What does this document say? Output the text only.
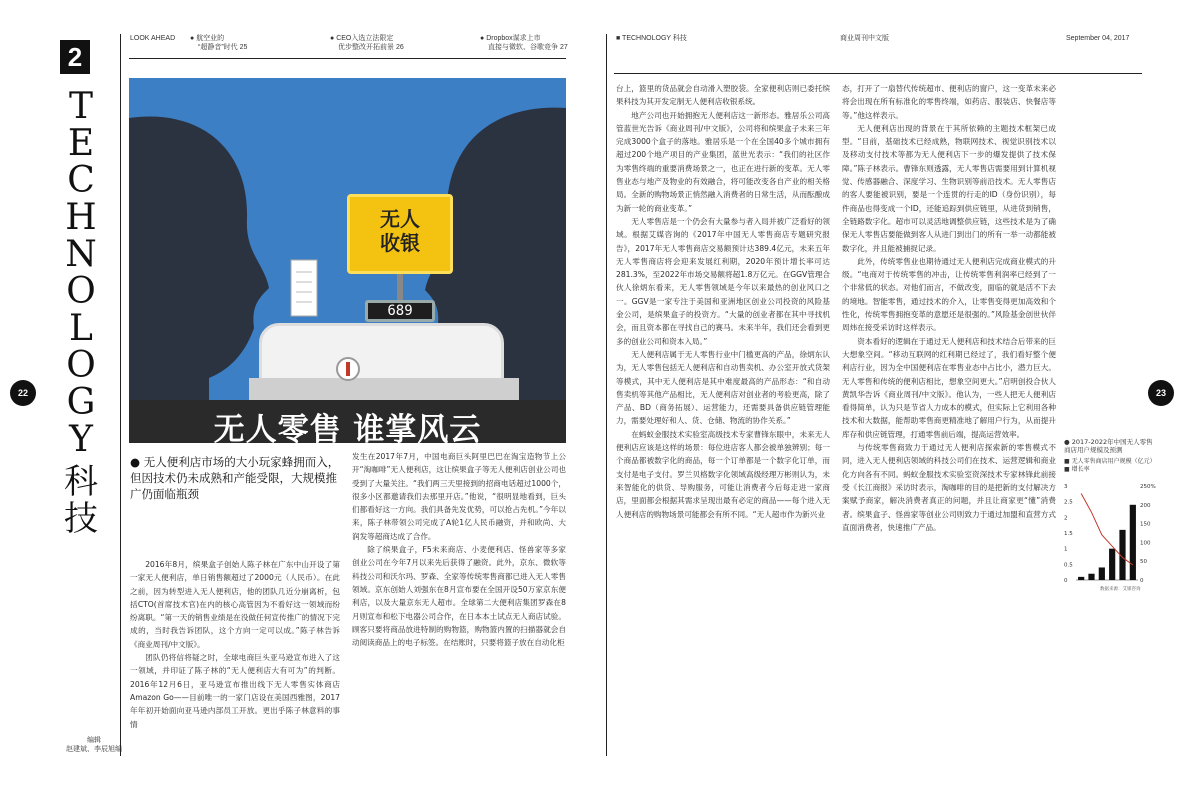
2
T
E
C
H
N
O
L
O
G
Y
科
技
22
LOOK AHEAD ● 航空业的
“超静音”时代 25
● CEO入选立法限定
优步整改开拓前景 26
● Dropbox谋求上市
直接与微软、谷歌竞争 27
无人
收银
689
无人零售 谁掌风云
● 无人便利店市场的大小玩家蜂拥而入，但因技术仍未成熟和产能受限，大规模推广仍面临瓶颈

2016年8月，缤果盒子创始人陈子林在广东中山开设了第一家无人便利店，单日销售额超过了2000元（人民币）。在此之前，因为转型进入无人便利店，他的团队几近分崩离析，包括CTO(首席技术官)在内的核心高管因为不看好这一领域而纷纷离职。“第一天的销售业绩是在没做任何宣传推广的情况下完成的，当时我告诉团队，这个方向一定可以成。”陈子林告诉《商业周刊/中文版》。

团队仍将信将疑之时，全球电商巨头亚马逊宣布进入了这一领域，并印证了陈子林的“无人便利店大有可为”的判断。2016年12月6日，亚马逊宣布推出线下无人零售实体商店Amazon Go——目前唯一的一家门店设在美国西雅图，2017年年初开始面向亚马逊内部员工开放。更出乎陈子林意料的事情

发生在2017年7月，中国电商巨头阿里巴巴在淘宝造物节上公开“淘咖啡”无人便利店，这让缤果盒子等无人便利店创业公司也受到了大量关注。“我们两三天里接到的招商电话超过1000个，很多小区都邀请我们去那里开店。”他说，“很明显地看到，巨头们都看好这一方向。我们具备先发优势，可以抢占先机。”今年以来，陈子林带领公司完成了A轮1亿人民币融资，并和欧尚、大润发等超商达成了合作。

除了缤果盒子，F5未来商店、小麦便利店、怪兽家等多家创业公司在今年7月以来先后获得了融资。此外，京东、微软等科技公司和沃尔玛、罗森、全家等传统零售商都已进入无人零售领域。京东创始人刘强东在8月宣布要在全国开设50万家京东便利店，以及大量京东无人超市。全球第二大便利店集团罗森在8月则宣布和松下电器公司合作，在日本本土试点无人商店试验。顾客只要将商品放进特制的购物篮，购物篮内置的扫描器就会自动阅读商品上的电子标签。在结账时，只要将篮子放在自动化柜

编辑
赵建斌、李辰旭编
■ TECHNOLOGY 科技	商业周刊中文版	September 04, 2017
23

台上，篮里的货品就会自动滑入塑胶袋。全家便利店则已委托缤果科技为其开发定制无人便利店收银系统。

地产公司也开始拥抱无人便利店这一新形态。雅居乐公司高管蓝世光告诉《商业周刊/中文版》，公司将和缤果盒子未来三年完成3000个盒子的落地。雅居乐是一个在全国40多个城市拥有超过200个地产项目的产业集团，蓝世光表示：“我们的社区作为零售终端的重要消费场景之一，也正在进行新的变革。无人零售业态与地产及物业的有效融合，将可能改变各自产业的相关格局。全新的购物场景正悄然融入消费者的日常生活，从而酝酿成为新一轮的商业变革。”

无人零售店是一个仍会有大量参与者入局并被广泛看好的领域。根据艾媒咨询的《2017年中国无人零售商店专题研究报告》，2017年无人零售商店交易额预计达389.4亿元，未来五年无人零售商店将会迎来发展红利期，2020年预计增长率可达281.3%，至2022年市场交易额将超1.8万亿元。在GGV管理合伙人徐炳东看来，无人零售领域是今年以来最热的创业风口之一。GGV是一家专注于美国和亚洲地区创业公司投资的风险基金公司，是缤果盒子的投资方。“大量的创业者都在其中寻找机会，而且资本都在寻找自己的赛马。未来半年，我们还会看到更多的创业公司和资本入局。”

无人便利店属于无人零售行业中门槛更高的产品，徐炳东认为，无人零售包括无人便利店和自动售卖机、办公室开放式货架等模式，其中无人便利店是其中难度最高的产品形态：“和自动售卖机等其他产品相比，无人便利店对创业者的考验更高，除了产品、BD（商务拓展）、运营能力，还需要具备供应链管理能力，需要处理好和人、货、仓储、物流的协作关系。”

在蚂蚁金服技术实验室高级技术专家曹锋东眼中，未来无人便利店应该是这样的场景：每位进店客人都会被单独辨别；每一个商品都被数字化的商品，每一个订单都是一个数字化订单，而支付是电子支付。罗兰贝格数字化领域高级经理万彬则认为，未来智能化的供货、导购服务，可能让消费者今后每走进一家商店，里面都会根据其需求呈现出最有必定的商品——每个进入无人便利店的购物场景可能都会有所不同。“无人超市作为新兴业

态，打开了一扇替代传统超市、便利店的窗户，这一变革未来必将会出现在所有标准化的零售终端，如药店、服装店、快餐店等等。”他这样表示。

无人便利店出现的背景在于其所依赖的主题技术框架已成型。“目前，基础技术已经成熟，物联网技术、视觉识别技术以及移动支付技术等都为无人便利店下一步的爆发提供了技术保障。”陈子林表示。曹锋东则透露，无人零售店需要用到计算机视觉、传感器融合、深度学习、生物识别等前沿技术。无人零售店的客人要能被识别，要是一个连贯的行走的ID（身份识别），每件商品也得变成一个ID，还能追踪到供应链里，从进货到销售，全链路数字化。超市可以灵活地调整供应链，这些技术是为了确保无人零售店要能做到客人从进门到出门的所有一举一动都能被数字化，并且能被捕捉记录。

此外，传统零售业也期待通过无人便利店完成商业模式的升级。“电商对于传统零售的冲击，让传统零售利润率已经到了一个非常低的状态。对他们而言，不做改变，面临的就是活不下去的境地。智能零售，通过技术的介入，让零售变得更加高效和个性化，传统零售拥抱变革的意愿还是很强的。”风险基金创世伙伴周炜在接受采访时这样表示。

资本看好的逻辑在于通过无人便利店和技术结合后带来的巨大想象空间。“移动互联网的红利期已经过了，我们看好整个便利店行业，因为全中国便利店在零售业态中占比小，潜力巨大。无人零售和传统的便利店相比，想象空间更大。”启明创投合伙人黄凯华告诉《商业周刊/中文版》。他认为，一些人把无人便利店看得简单，认为只是节省人力成本的模式，但实际上它利用各种技术和大数据，能帮助零售商更精准地了解用户行为，从而提升库存和供应链管理，打通零售前后端，提高运营效率。

与传统零售商致力于通过无人便利店探索新的零售模式不同，进入无人便利店领域的科技公司们在技术、运营逻辑和商业化方向各有不同。蚂蚁金服技术实验室资深技术专家林锋此前接受《长江商报》采访时表示，淘咖啡的目的是把新的支付解决方案赋予商家，解决消费者真正的问题，并且让商家更“懂”消费者。缤果盒子、怪兽家等创业公司则致力于通过加盟和直营方式直面消费者，快速推广产品。

● 2017-2022年中国无人零售商店用户规模及预测
■ 无人零售商店用户规模（亿元）
■ 增长率
3
2.5
2
1.5
1
0.5
0
250%
200
150
100
50
0
数据来源：艾媒咨询
